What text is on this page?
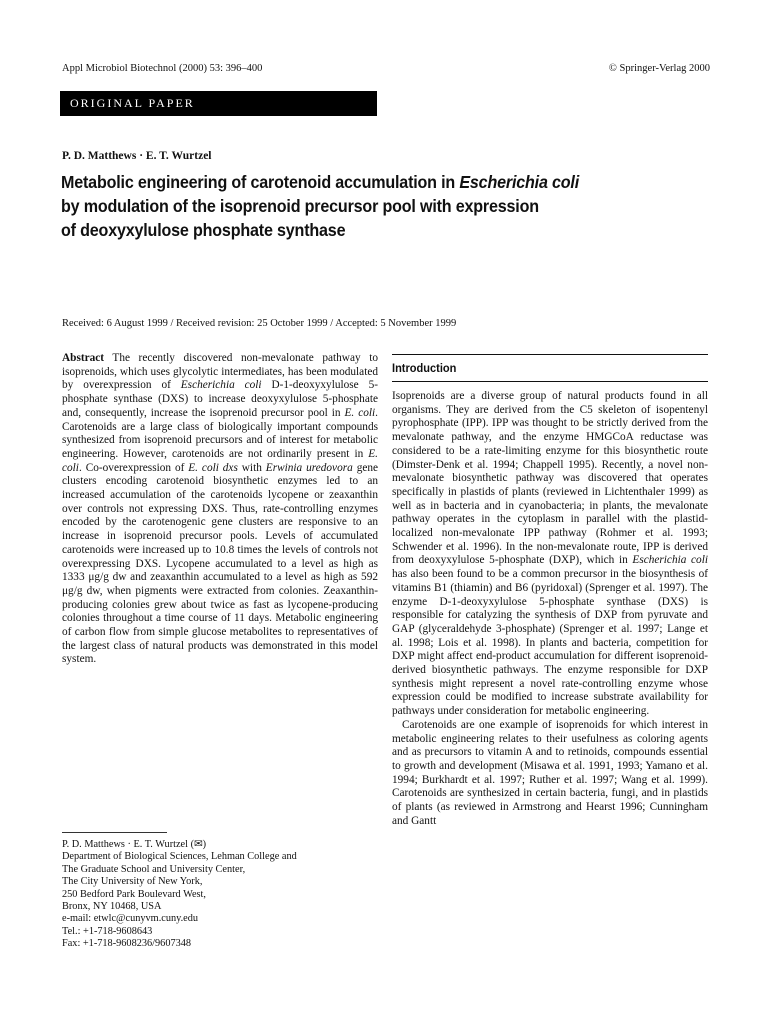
Appl Microbiol Biotechnol (2000) 53: 396–400	© Springer-Verlag 2000
ORIGINAL PAPER
P. D. Matthews · E. T. Wurtzel
Metabolic engineering of carotenoid accumulation in Escherichia coli
by modulation of the isoprenoid precursor pool with expression
of deoxyxylulose phosphate synthase
Received: 6 August 1999 / Received revision: 25 October 1999 / Accepted: 5 November 1999
Abstract The recently discovered non-mevalonate pathway to isoprenoids, which uses glycolytic intermediates, has been modulated by overexpression of Escherichia coli D-1-deoxyxylulose 5-phosphate synthase (DXS) to increase deoxyxylulose 5-phosphate and, consequently, increase the isoprenoid precursor pool in E. coli. Carotenoids are a large class of biologically important compounds synthesized from isoprenoid precursors and of interest for metabolic engineering. However, carotenoids are not ordinarily present in E. coli. Co-overexpression of E. coli dxs with Erwinia uredovora gene clusters encoding carotenoid biosynthetic enzymes led to an increased accumulation of the carotenoids lycopene or zeaxanthin over controls not expressing DXS. Thus, rate-controlling enzymes encoded by the carotenogenic gene clusters are responsive to an increase in isoprenoid precursor pools. Levels of accumulated carotenoids were increased up to 10.8 times the levels of controls not overexpressing DXS. Lycopene accumulated to a level as high as 1333 μg/g dw and zeaxanthin accumulated to a level as high as 592 μg/g dw, when pigments were extracted from colonies. Zeaxanthin-producing colonies grew about twice as fast as lycopene-producing colonies throughout a time course of 11 days. Metabolic engineering of carbon flow from simple glucose metabolites to representatives of the largest class of natural products was demonstrated in this model system.
P. D. Matthews · E. T. Wurtzel (✉)
Department of Biological Sciences, Lehman College and
The Graduate School and University Center,
The City University of New York,
250 Bedford Park Boulevard West,
Bronx, NY 10468, USA
e-mail: etwlc@cunyvm.cuny.edu
Tel.: +1-718-9608643
Fax: +1-718-9608236/9607348
Introduction

Isoprenoids are a diverse group of natural products found in all organisms. They are derived from the C5 skeleton of isopentenyl pyrophosphate (IPP). IPP was thought to be strictly derived from the mevalonate pathway, and the enzyme HMGCoA reductase was considered to be a rate-limiting enzyme for this biosynthetic route (Dimster-Denk et al. 1994; Chappell 1995). Recently, a novel non-mevalonate biosynthetic pathway was discovered that operates specifically in plastids of plants (reviewed in Lichtenthaler 1999) as well as in bacteria and in cyanobacteria; in plants, the mevalonate pathway operates in the cytoplasm in parallel with the plastid-localized non-mevalonate IPP pathway (Rohmer et al. 1993; Schwender et al. 1996). In the non-mevalonate route, IPP is derived from deoxyxylulose 5-phosphate (DXP), which in Escherichia coli has also been found to be a common precursor in the biosynthesis of vitamins B1 (thiamin) and B6 (pyridoxal) (Sprenger et al. 1997). The enzyme D-1-deoxyxylulose 5-phosphate synthase (DXS) is responsible for catalyzing the synthesis of DXP from pyruvate and GAP (glyceraldehyde 3-phosphate) (Sprenger et al. 1997; Lange et al. 1998; Lois et al. 1998). In plants and bacteria, competition for DXP might affect end-product accumulation for different isoprenoid-derived biosynthetic pathways. The enzyme responsible for DXP synthesis might represent a novel rate-controlling enzyme whose expression could be modified to increase substrate availability for pathways under consideration for metabolic engineering.

Carotenoids are one example of isoprenoids for which interest in metabolic engineering relates to their usefulness as coloring agents and as precursors to vitamin A and to retinoids, compounds essential to growth and development (Misawa et al. 1991, 1993; Yamano et al. 1994; Burkhardt et al. 1997; Ruther et al. 1997; Wang et al. 1999). Carotenoids are synthesized in certain bacteria, fungi, and in plastids of plants (as reviewed in Armstrong and Hearst 1996; Cunningham and Gantt
